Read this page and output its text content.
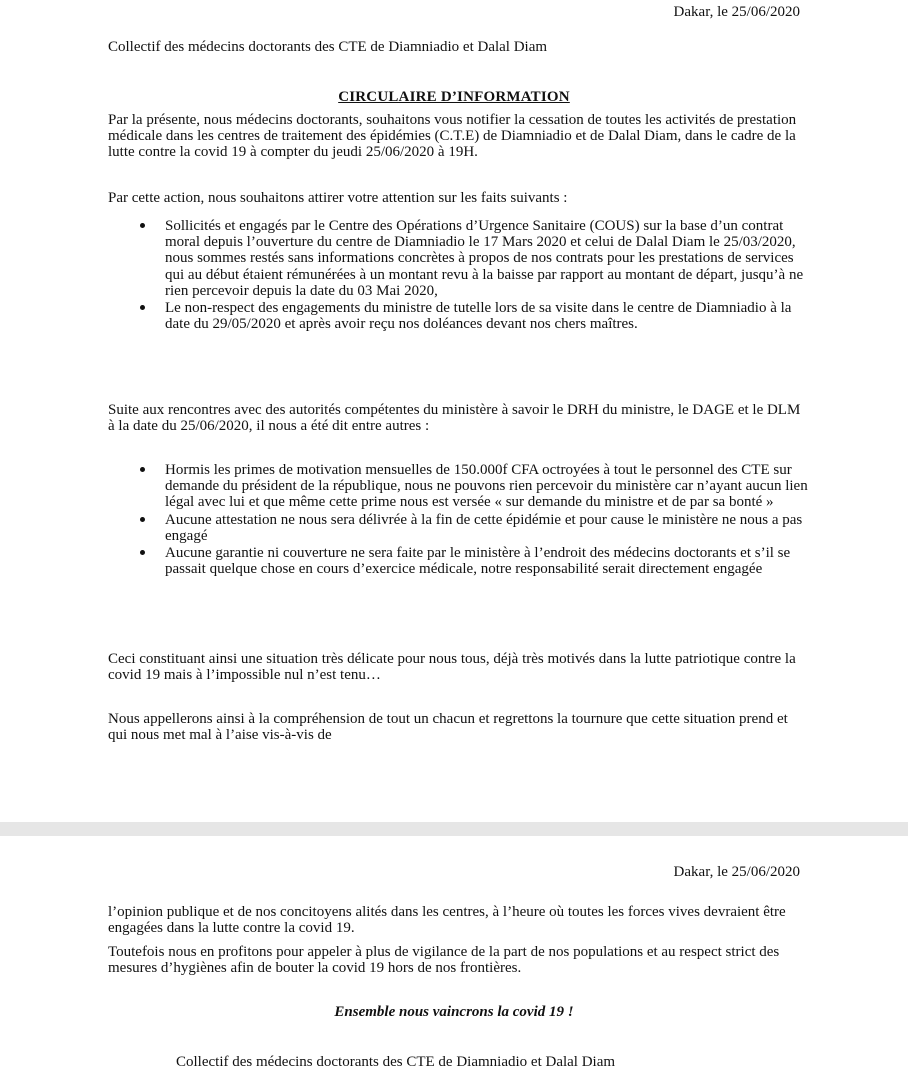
Dakar, le 25/06/2020
Collectif des médecins doctorants des CTE de Diamniadio et Dalal Diam
CIRCULAIRE D’INFORMATION
Par la présente, nous médecins doctorants, souhaitons vous notifier la cessation de toutes les activités de prestation médicale dans les centres de traitement des épidémies (C.T.E) de Diamniadio et de Dalal Diam, dans le cadre de la lutte contre la covid 19 à compter du jeudi 25/06/2020 à 19H.
Par cette action, nous souhaitons attirer votre attention sur les faits suivants :
Sollicités et engagés par le Centre des Opérations d’Urgence Sanitaire (COUS) sur la base d’un contrat moral depuis l’ouverture du centre de Diamniadio le 17 Mars 2020 et celui de Dalal Diam le 25/03/2020, nous sommes restés sans informations concrètes à propos de nos contrats pour les prestations de services qui au début étaient rémunérées à un montant revu à la baisse par rapport au montant de départ, jusqu’à ne rien percevoir depuis la date du 03 Mai 2020,
Le non-respect des engagements du ministre de tutelle lors de sa visite dans le centre de Diamniadio à la date du 29/05/2020 et après avoir reçu nos doléances devant nos chers maîtres.
Suite aux rencontres avec des autorités compétentes du ministère à savoir le DRH du ministre, le DAGE et le DLM à la date du 25/06/2020, il nous a été dit entre autres :
Hormis les primes de motivation mensuelles de 150.000f CFA octroyées à tout le personnel des CTE sur demande du président de la république, nous ne pouvons rien percevoir du ministère car n’ayant aucun lien légal avec lui et que même cette prime nous est versée « sur demande du ministre et de par sa bonté »
Aucune attestation ne nous sera délivrée à la fin de cette épidémie et pour cause le ministère ne nous a pas engagé
Aucune garantie ni couverture ne sera faite par le ministère à l’endroit des médecins doctorants et s’il se passait quelque chose en cours d’exercice médicale, notre responsabilité serait directement engagée
Ceci constituant ainsi une situation très délicate pour nous tous, déjà très motivés dans la lutte patriotique contre la covid 19 mais à l’impossible nul n’est tenu…
Nous appellerons ainsi à la compréhension de tout un chacun et regrettons la tournure que cette situation prend et qui nous met mal à l’aise vis-à-vis de
Dakar, le 25/06/2020
l’opinion publique et de nos concitoyens alités dans les centres, à l’heure où toutes les forces vives devraient être engagées dans la lutte contre la covid 19.
Toutefois nous en profitons pour appeler à plus de vigilance de la part de nos populations et au respect strict des mesures d’hygiènes afin de bouter la covid 19 hors de nos frontières.
Ensemble nous vaincrons la covid 19 !
Collectif des médecins doctorants des CTE de Diamniadio et Dalal Diam
